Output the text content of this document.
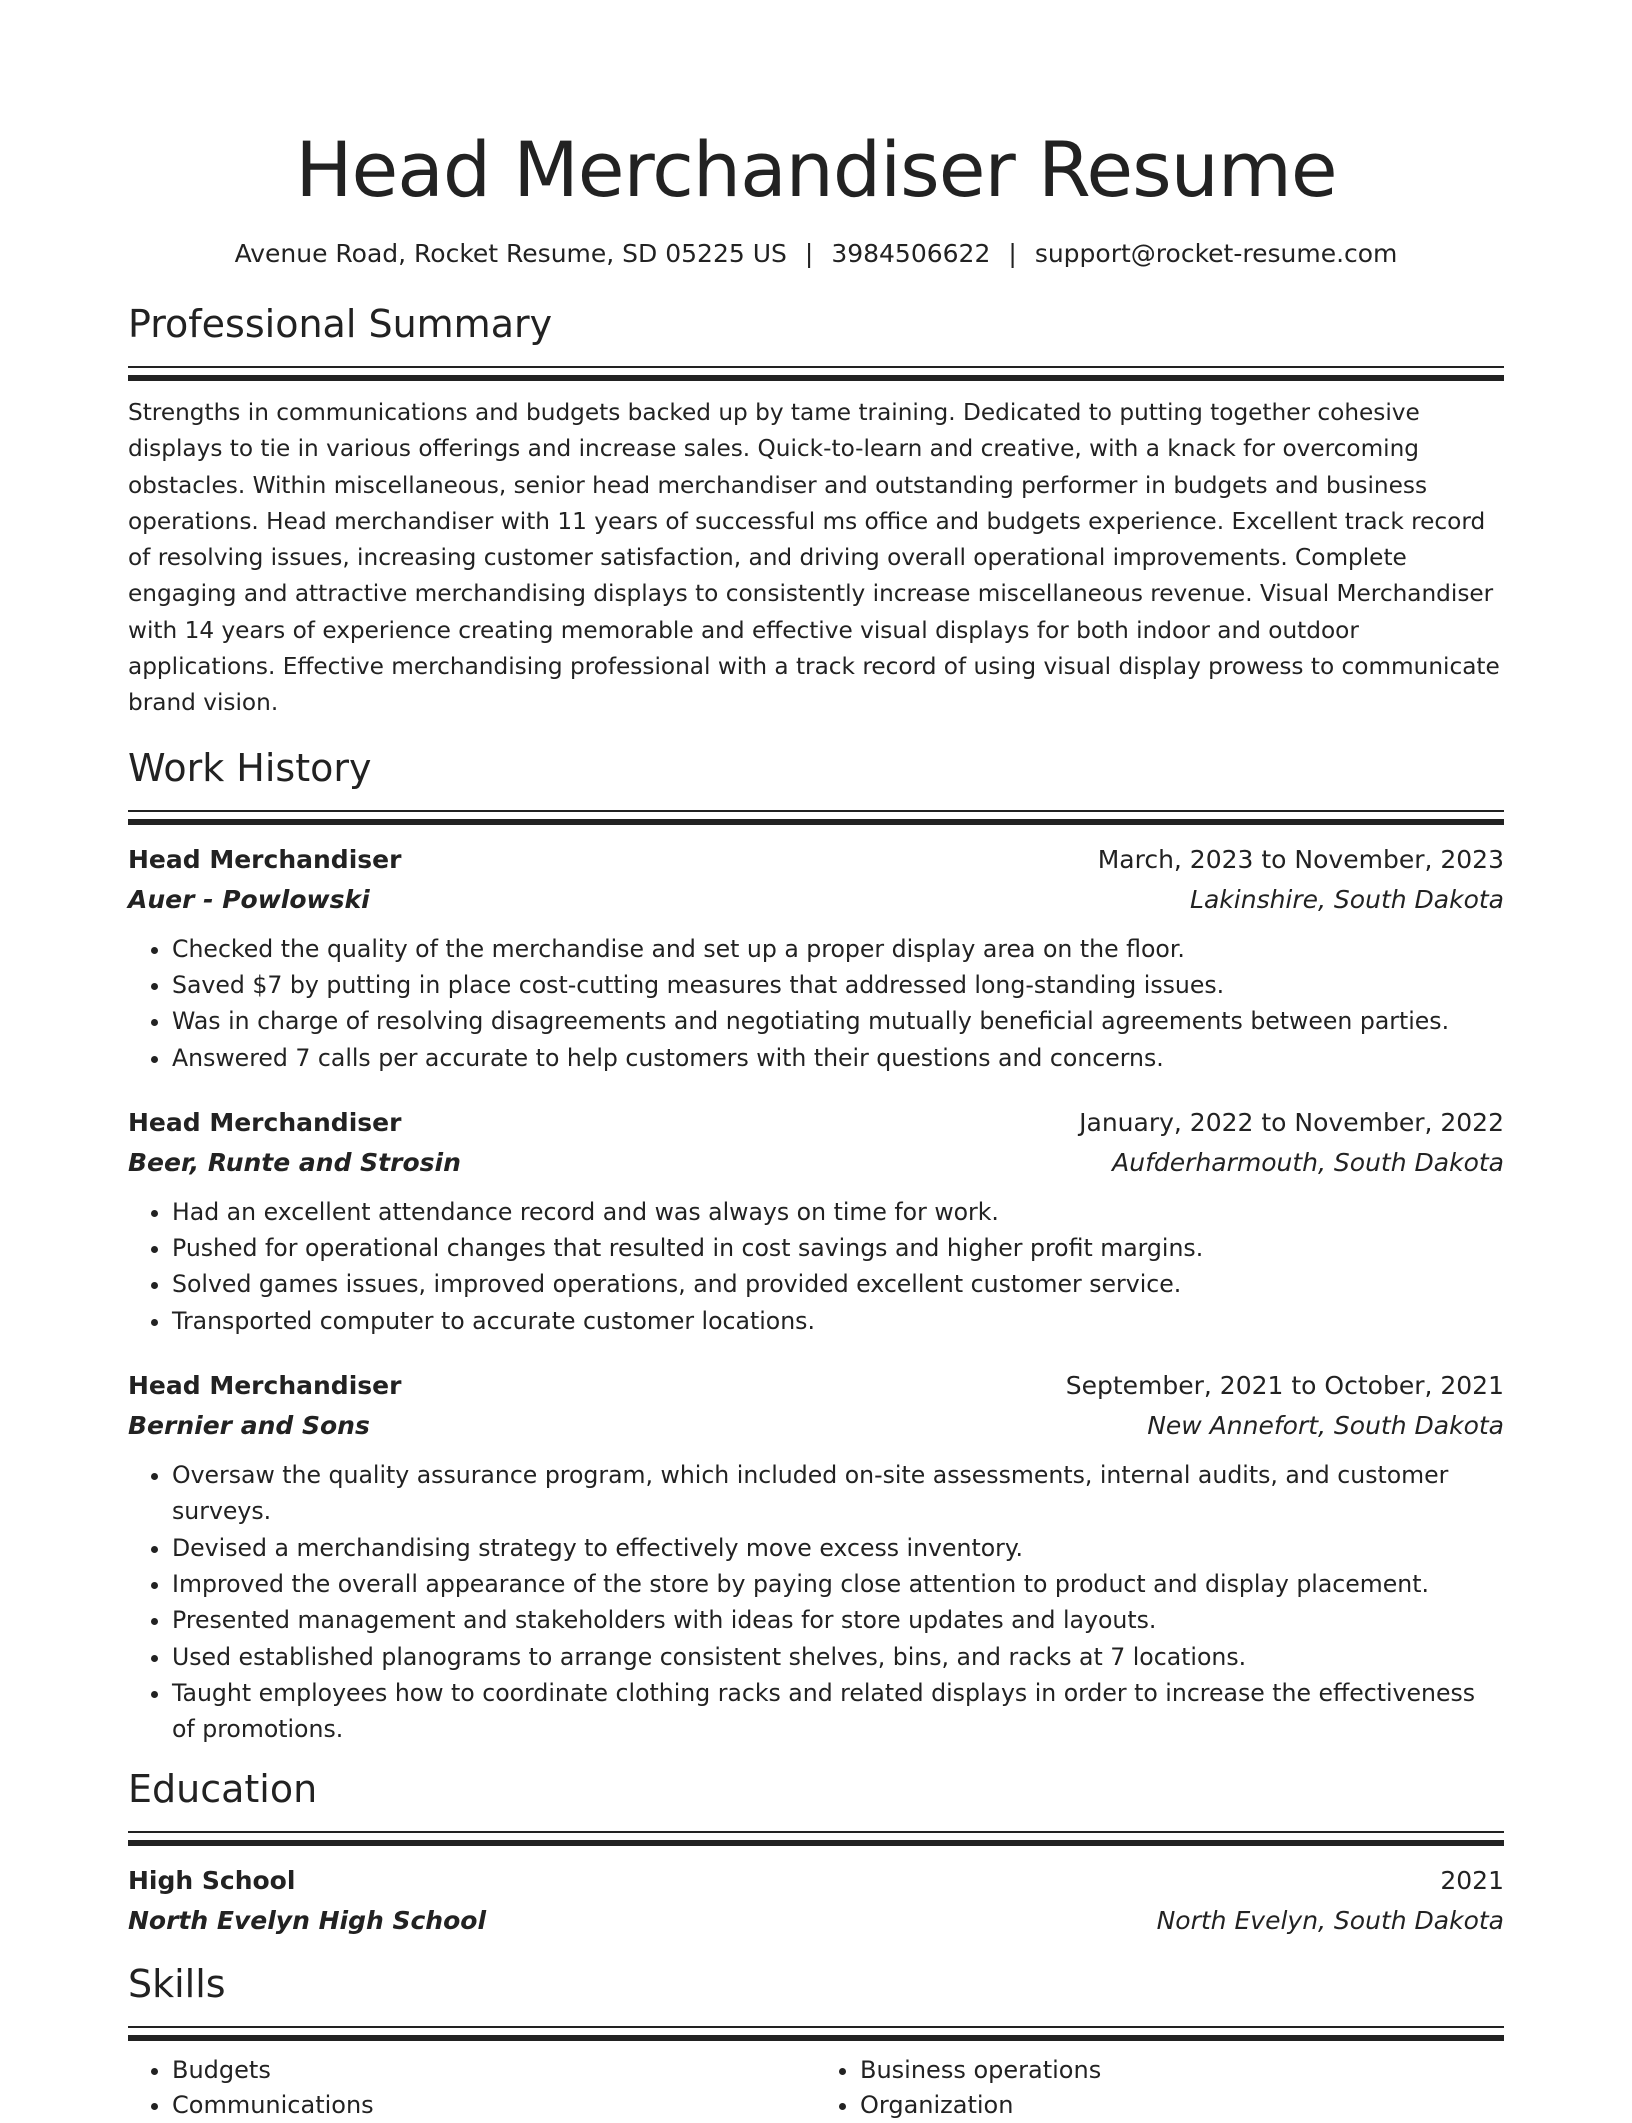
Head Merchandiser Resume
Avenue Road, Rocket Resume, SD 05225 US | 3984506622 | support@rocket-resume.com
Professional Summary
Strengths in communications and budgets backed up by tame training. Dedicated to putting together cohesive displays to tie in various offerings and increase sales. Quick-to-learn and creative, with a knack for overcoming obstacles. Within miscellaneous, senior head merchandiser and outstanding performer in budgets and business operations. Head merchandiser with 11 years of successful ms office and budgets experience. Excellent track record of resolving issues, increasing customer satisfaction, and driving overall operational improvements. Complete engaging and attractive merchandising displays to consistently increase miscellaneous revenue. Visual Merchandiser with 14 years of experience creating memorable and effective visual displays for both indoor and outdoor applications. Effective merchandising professional with a track record of using visual display prowess to communicate brand vision.
Work History
Head Merchandiser	March, 2023 to November, 2023
Auer - Powlowski	Lakinshire, South Dakota
• Checked the quality of the merchandise and set up a proper display area on the floor.
• Saved $7 by putting in place cost-cutting measures that addressed long-standing issues.
• Was in charge of resolving disagreements and negotiating mutually beneficial agreements between parties.
• Answered 7 calls per accurate to help customers with their questions and concerns.
Head Merchandiser	January, 2022 to November, 2022
Beer, Runte and Strosin	Aufderharmouth, South Dakota
• Had an excellent attendance record and was always on time for work.
• Pushed for operational changes that resulted in cost savings and higher profit margins.
• Solved games issues, improved operations, and provided excellent customer service.
• Transported computer to accurate customer locations.
Head Merchandiser	September, 2021 to October, 2021
Bernier and Sons	New Annefort, South Dakota
• Oversaw the quality assurance program, which included on-site assessments, internal audits, and customer surveys.
• Devised a merchandising strategy to effectively move excess inventory.
• Improved the overall appearance of the store by paying close attention to product and display placement.
• Presented management and stakeholders with ideas for store updates and layouts.
• Used established planograms to arrange consistent shelves, bins, and racks at 7 locations.
• Taught employees how to coordinate clothing racks and related displays in order to increase the effectiveness of promotions.
Education
High School	2021
North Evelyn High School	North Evelyn, South Dakota
Skills
• Budgets
• Communications
• Business operations
• Organization
